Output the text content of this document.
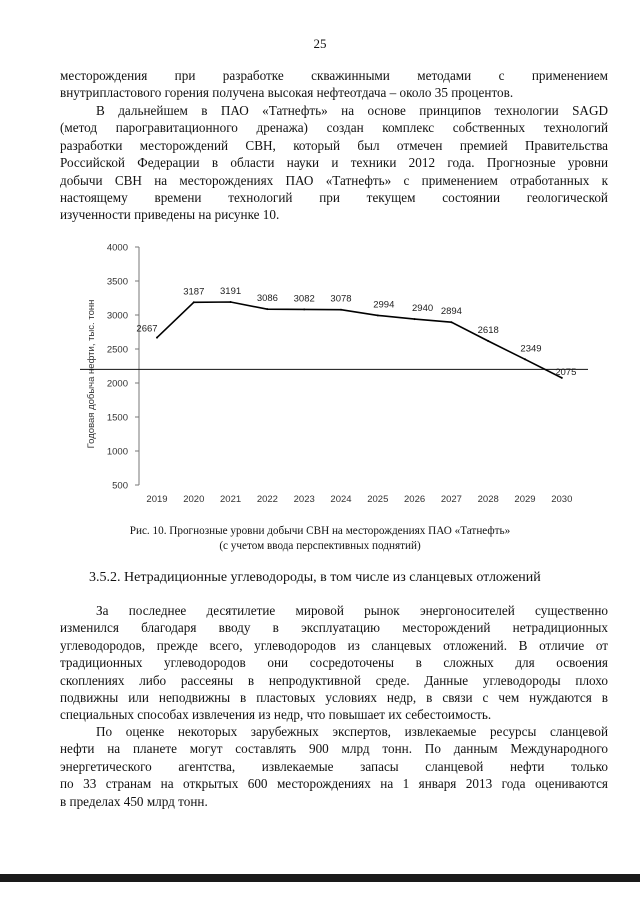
25

месторождения при разработке скважинными методами с применением
внутрипластового горения получена высокая нефтеотдача – около 35 процентов.

В дальнейшем в ПАО «Татнефть» на основе принципов технологии SAGD
(метод парогравитационного дренажа) создан комплекс собственных технологий
разработки месторождений СВН, который был отмечен премией Правительства
Российской Федерации в области науки и техники 2012 года. Прогнозные уровни
добычи СВН на месторождениях ПАО «Татнефть» с применением отработанных к
настоящему времени технологий при текущем состоянии геологической
изученности приведены на рисунке 10.

500
1000
1500
2000
2500
3000
3500
4000
2019 2020 2021 2022 2023 2024 2025 2026 2027 2028 2029 2030
Годовая добыча нефти, тыс. тонн	2667
3187 3191
3086 3082 3078
2994 2940 2894
2618
2349
2075
Рис. 10. Прогнозные уровни добычи СВН на месторождениях ПАО «Татнефть»
(с учетом ввода перспективных поднятий)
3.5.2. Нетрадиционные углеводороды, в том числе из сланцевых отложений

За последнее десятилетие мировой рынок энергоносителей существенно
изменился благодаря вводу в эксплуатацию месторождений нетрадиционных
углеводородов, прежде всего, углеводородов из сланцевых отложений. В отличие от
традиционных углеводородов они сосредоточены в сложных для освоения
скоплениях либо рассеяны в непродуктивной среде. Данные углеводороды плохо
подвижны или неподвижны в пластовых условиях недр, в связи с чем нуждаются в
специальных способах извлечения из недр, что повышает их себестоимость.

По оценке некоторых зарубежных экспертов, извлекаемые ресурсы сланцевой
нефти на планете могут составлять 900 млрд тонн. По данным Международного
энергетического агентства, извлекаемые запасы сланцевой нефти только
по 33 странам на открытых 600 месторождениях на 1 января 2013 года оцениваются
в пределах 450 млрд тонн.
